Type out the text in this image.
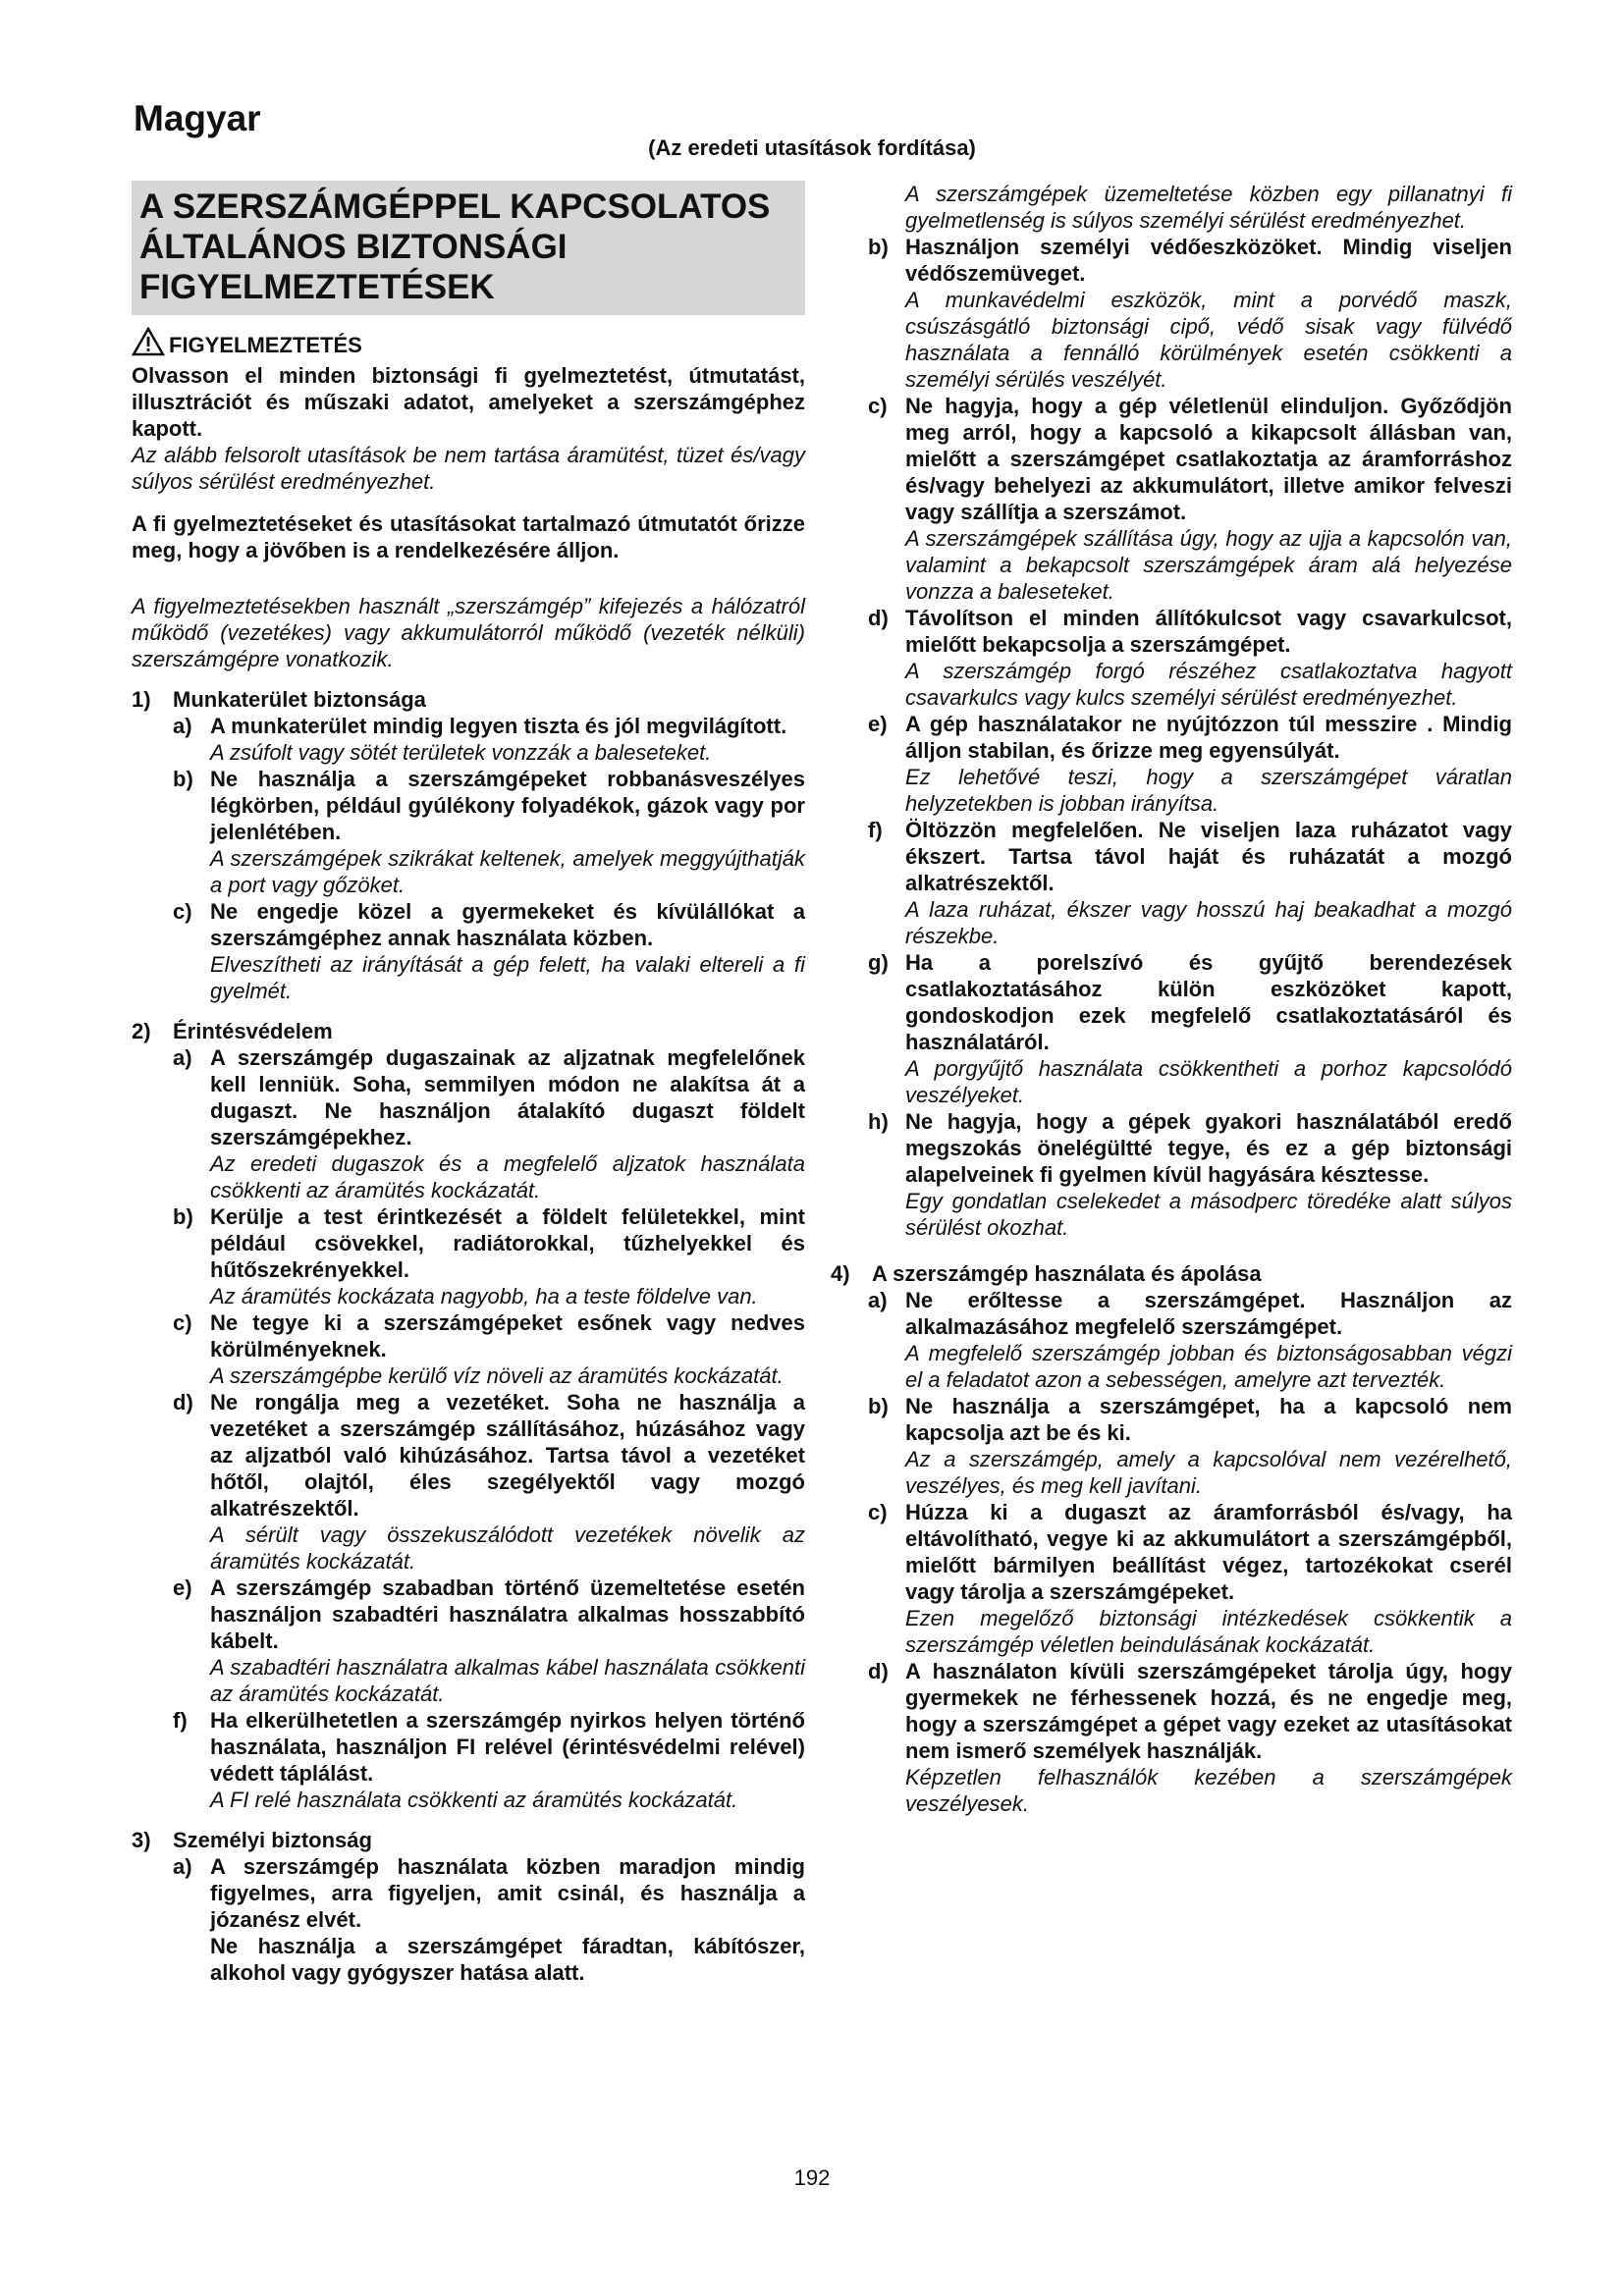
Magyar

(Az eredeti utasítások fordítása)

A SZERSZÁMGÉPPEL KAPCSOLATOS ÁLTALÁNOS BIZTONSÁGI FIGYELMEZTETÉSEK
FIGYELMEZTETÉS

Olvasson el minden biztonsági fi gyelmeztetést, útmutatást, illusztrációt és műszaki adatot, amelyeket a szerszámgéphez kapott.

Az alább felsorolt utasítások be nem tartása áramütést, tüzet és/vagy súlyos sérülést eredményezhet.

A fi gyelmeztetéseket és utasításokat tartalmazó útmutatót őrizze meg, hogy a jövőben is a rendelkezésére álljon.

A figyelmeztetésekben használt „szerszámgép” kifejezés a hálózatról működő (vezetékes) vagy akkumulátorról működő (vezeték nélküli) szerszámgépre vonatkozik.

1)	Munkaterület biztonsága
a) A munkaterület mindig legyen tiszta és jól megvilágított.

A zsúfolt vagy sötét területek vonzzák a baleseteket.

b) Ne használja a szerszámgépeket robbanásveszélyes légkörben, például gyúlékony folyadékok, gázok vagy por jelenlétében.

A szerszámgépek szikrákat keltenek, amelyek meggyújthatják a port vagy gőzöket.

c) Ne engedje közel a gyermekeket és kívülállókat a szerszámgéphez annak használata közben.

Elveszítheti az irányítását a gép felett, ha valaki eltereli a fi gyelmét.

2)	Érintésvédelem
a) A szerszámgép dugaszainak az aljzatnak megfelelőnek kell lenniük. Soha, semmilyen módon ne alakítsa át a dugaszt. Ne használjon átalakító dugaszt földelt szerszámgépekhez.

Az eredeti dugaszok és a megfelelő aljzatok használata csökkenti az áramütés kockázatát.

b) Kerülje a test érintkezését a földelt felületekkel, mint például csövekkel, radiátorokkal, tűzhelyekkel és hűtőszekrényekkel.

Az áramütés kockázata nagyobb, ha a teste földelve van.

c) Ne tegye ki a szerszámgépeket esőnek vagy nedves körülményeknek.

A szerszámgépbe kerülő víz növeli az áramütés kockázatát.

d) Ne rongálja meg a vezetéket. Soha ne használja a vezetéket a szerszámgép szállításához, húzásához vagy az aljzatból való kihúzásához. Tartsa távol a vezetéket hőtől, olajtól, éles szegélyektől vagy mozgó alkatrészektől.

A sérült vagy összekuszálódott vezetékek növelik az áramütés kockázatát.

e) A szerszámgép szabadban történő üzemeltetése esetén használjon szabadtéri használatra alkalmas hosszabbító kábelt.

A szabadtéri használatra alkalmas kábel használata csökkenti az áramütés kockázatát.

f)	Ha elkerülhetetlen a szerszámgép nyirkos helyen történő használata, használjon FI relével (érintésvédelmi relével) védett táplálást.

A FI relé használata csökkenti az áramütés kockázatát.

3)	Személyi biztonság
a) A szerszámgép használata közben maradjon mindig figyelmes, arra figyeljen, amit csinál, és használja a józanész elvét.

Ne használja a szerszámgépet fáradtan, kábítószer, alkohol vagy gyógyszer hatása alatt.

A szerszámgépek üzemeltetése közben egy pillanatnyi fi gyelmetlenség is súlyos személyi sérülést eredményezhet.

b) Használjon személyi védőeszközöket. Mindig viseljen védőszemüveget.

A munkavédelmi eszközök, mint a porvédő maszk, csúszásgátló biztonsági cipő, védő sisak vagy fülvédő használata a fennálló körülmények esetén csökkenti a személyi sérülés veszélyét.

c) Ne hagyja, hogy a gép véletlenül elinduljon. Győződjön meg arról, hogy a kapcsoló a kikapcsolt állásban van, mielőtt a szerszámgépet csatlakoztatja az áramforráshoz és/vagy behelyezi az akkumulátort, illetve amikor felveszi vagy szállítja a szerszámot.

A szerszámgépek szállítása úgy, hogy az ujja a kapcsolón van, valamint a bekapcsolt szerszámgépek áram alá helyezése vonzza a baleseteket.

d) Távolítson el minden állítókulcsot vagy csavarkulcsot, mielőtt bekapcsolja a szerszámgépet.

A szerszámgép forgó részéhez csatlakoztatva hagyott csavarkulcs vagy kulcs személyi sérülést eredményezhet.

e) A gép használatakor ne nyújtózzon túl messzire . Mindig álljon stabilan, és őrizze meg egyensúlyát.

Ez lehetővé teszi, hogy a szerszámgépet váratlan helyzetekben is jobban irányítsa.

f)	Öltözzön megfelelően. Ne viseljen laza ruházatot vagy ékszert. Tartsa távol haját és ruházatát a mozgó alkatrészektől.

A laza ruházat, ékszer vagy hosszú haj beakadhat a mozgó részekbe.

g) Ha a porelszívó és gyűjtő berendezések csatlakoztatásához külön eszközöket kapott, gondoskodjon ezek megfelelő csatlakoztatásáról és használatáról.

A porgyűjtő használata csökkentheti a porhoz kapcsolódó veszélyeket.

h) Ne hagyja, hogy a gépek gyakori használatából eredő megszokás önelégültté tegye, és ez a gép biztonsági alapelveinek fi gyelmen kívül hagyására késztesse.

Egy gondatlan cselekedet a másodperc töredéke alatt súlyos sérülést okozhat.

4)	A szerszámgép használata és ápolása
a) Ne erőltesse a szerszámgépet. Használjon az alkalmazásához megfelelő szerszámgépet.

A megfelelő szerszámgép jobban és biztonságosabban végzi el a feladatot azon a sebességen, amelyre azt tervezték.

b) Ne használja a szerszámgépet, ha a kapcsoló nem kapcsolja azt be és ki.

Az a szerszámgép, amely a kapcsolóval nem vezérelhető, veszélyes, és meg kell javítani.

c) Húzza ki a dugaszt az áramforrásból és/vagy, ha eltávolítható, vegye ki az akkumulátort a szerszámgépből, mielőtt bármilyen beállítást végez, tartozékokat cserél vagy tárolja a szerszámgépeket.

Ezen megelőző biztonsági intézkedések csökkentik a szerszámgép véletlen beindulásának kockázatát.

d) A használaton kívüli szerszámgépeket tárolja úgy, hogy gyermekek ne férhessenek hozzá, és ne engedje meg, hogy a szerszámgépet a gépet vagy ezeket az utasításokat nem ismerő személyek használják.

Képzetlen felhasználók kezében a szerszámgépek veszélyesek.

192
